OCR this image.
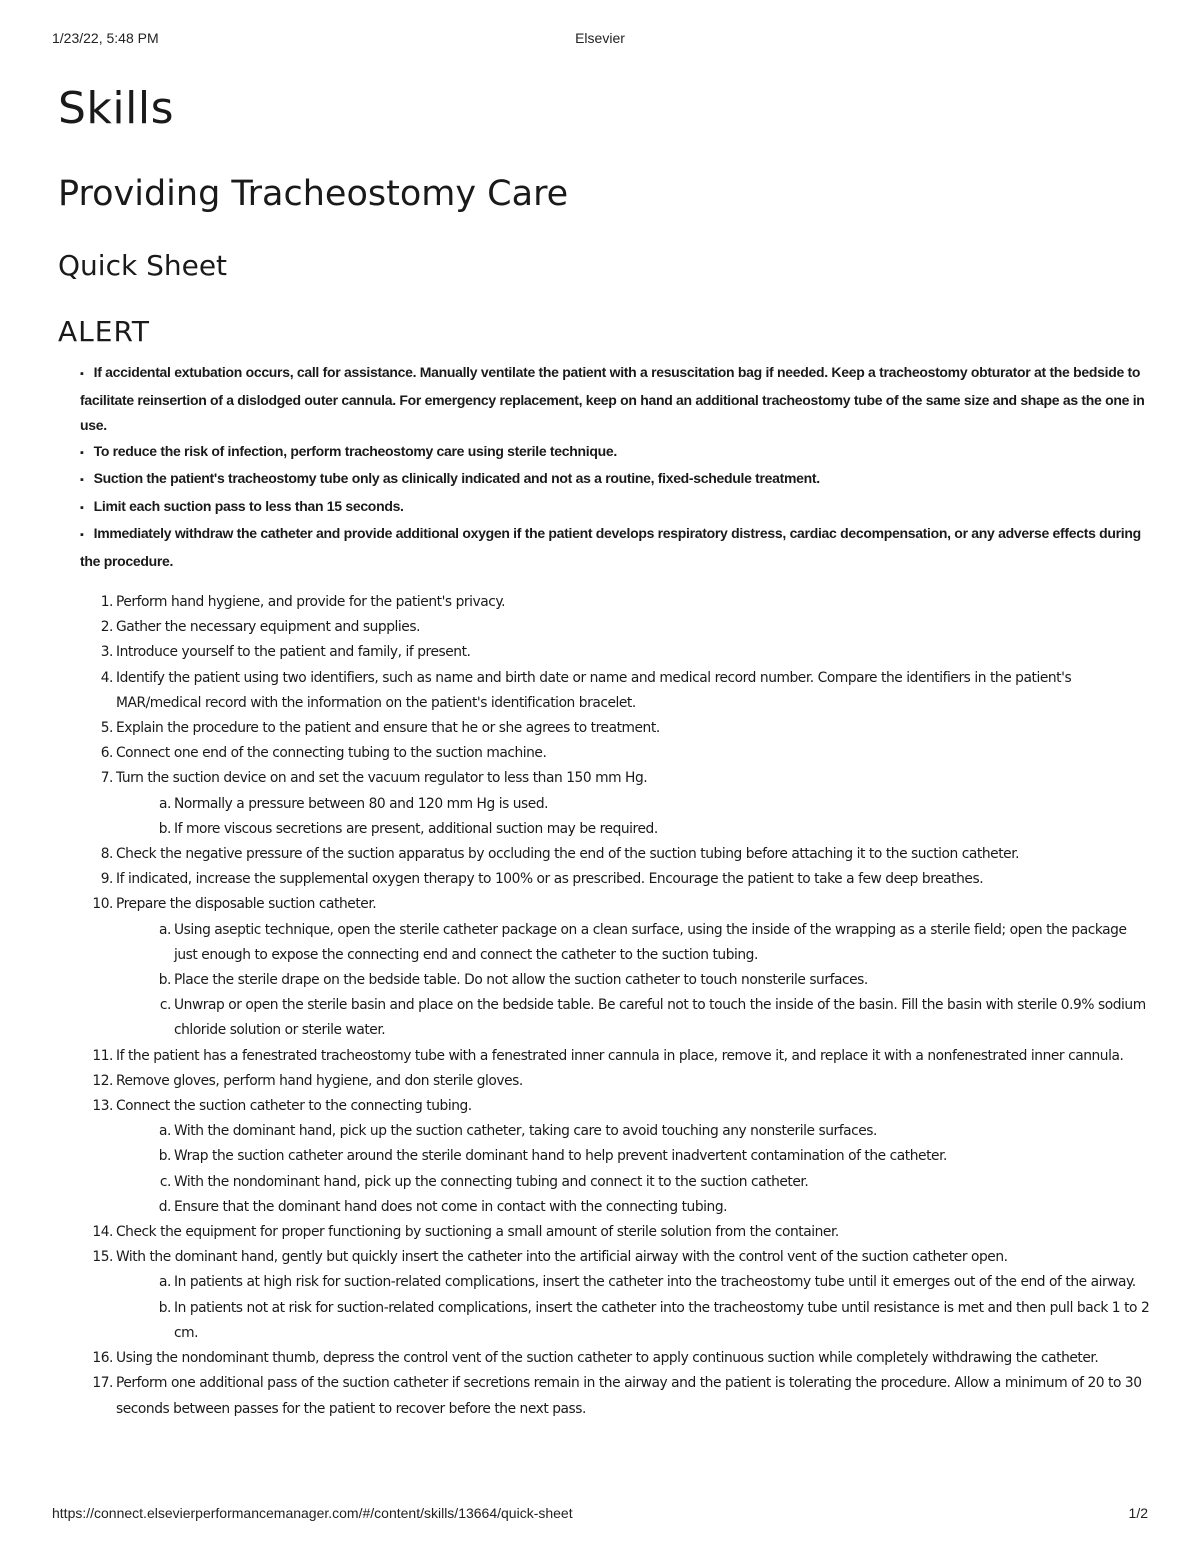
1/23/22, 5:48 PM	Elsevier
Skills
Providing Tracheostomy Care
Quick Sheet
ALERT
▪ If accidental extubation occurs, call for assistance. Manually ventilate the patient with a resuscitation bag if needed. Keep a tracheostomy obturator at the bedside to facilitate reinsertion of a dislodged outer cannula. For emergency replacement, keep on hand an additional tracheostomy tube of the same size and shape as the one in use.
▪ To reduce the risk of infection, perform tracheostomy care using sterile technique.
▪ Suction the patient's tracheostomy tube only as clinically indicated and not as a routine, fixed-schedule treatment.
▪ Limit each suction pass to less than 15 seconds.
▪ Immediately withdraw the catheter and provide additional oxygen if the patient develops respiratory distress, cardiac decompensation, or any adverse effects during the procedure.
1. Perform hand hygiene, and provide for the patient's privacy.
2. Gather the necessary equipment and supplies.
3. Introduce yourself to the patient and family, if present.
4. Identify the patient using two identifiers, such as name and birth date or name and medical record number. Compare the identifiers in the patient's MAR/medical record with the information on the patient's identification bracelet.
5. Explain the procedure to the patient and ensure that he or she agrees to treatment.
6. Connect one end of the connecting tubing to the suction machine.
7. Turn the suction device on and set the vacuum regulator to less than 150 mm Hg.
a. Normally a pressure between 80 and 120 mm Hg is used.
b. If more viscous secretions are present, additional suction may be required.
8. Check the negative pressure of the suction apparatus by occluding the end of the suction tubing before attaching it to the suction catheter.
9. If indicated, increase the supplemental oxygen therapy to 100% or as prescribed. Encourage the patient to take a few deep breathes.
10. Prepare the disposable suction catheter.
a. Using aseptic technique, open the sterile catheter package on a clean surface, using the inside of the wrapping as a sterile field; open the package just enough to expose the connecting end and connect the catheter to the suction tubing.
b. Place the sterile drape on the bedside table. Do not allow the suction catheter to touch nonsterile surfaces.
c. Unwrap or open the sterile basin and place on the bedside table. Be careful not to touch the inside of the basin. Fill the basin with sterile 0.9% sodium chloride solution or sterile water.
11. If the patient has a fenestrated tracheostomy tube with a fenestrated inner cannula in place, remove it, and replace it with a nonfenestrated inner cannula.
12. Remove gloves, perform hand hygiene, and don sterile gloves.
13. Connect the suction catheter to the connecting tubing.
a. With the dominant hand, pick up the suction catheter, taking care to avoid touching any nonsterile surfaces.
b. Wrap the suction catheter around the sterile dominant hand to help prevent inadvertent contamination of the catheter.
c. With the nondominant hand, pick up the connecting tubing and connect it to the suction catheter.
d. Ensure that the dominant hand does not come in contact with the connecting tubing.
14. Check the equipment for proper functioning by suctioning a small amount of sterile solution from the container.
15. With the dominant hand, gently but quickly insert the catheter into the artificial airway with the control vent of the suction catheter open.
a. In patients at high risk for suction-related complications, insert the catheter into the tracheostomy tube until it emerges out of the end of the airway.
b. In patients not at risk for suction-related complications, insert the catheter into the tracheostomy tube until resistance is met and then pull back 1 to 2 cm.
16. Using the nondominant thumb, depress the control vent of the suction catheter to apply continuous suction while completely withdrawing the catheter.
17. Perform one additional pass of the suction catheter if secretions remain in the airway and the patient is tolerating the procedure. Allow a minimum of 20 to 30 seconds between passes for the patient to recover before the next pass.
https://connect.elsevierperformancemanager.com/#/content/skills/13664/quick-sheet	1/2
